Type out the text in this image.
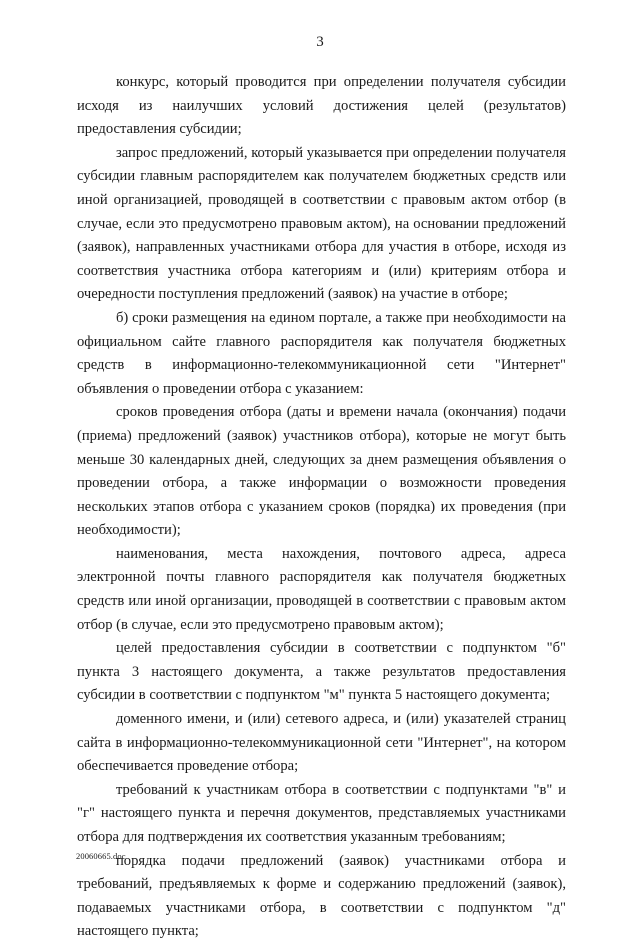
3

конкурс, который проводится при определении получателя субсидии исходя из наилучших условий достижения целей (результатов) предоставления субсидии;

запрос предложений, который указывается при определении получателя субсидии главным распорядителем как получателем бюджетных средств или иной организацией, проводящей в соответствии с правовым актом отбор (в случае, если это предусмотрено правовым актом), на основании предложений (заявок), направленных участниками отбора для участия в отборе, исходя из соответствия участника отбора категориям и (или) критериям отбора и очередности поступления предложений (заявок) на участие в отборе;

б) сроки размещения на едином портале, а также при необходимости на официальном сайте главного распорядителя как получателя бюджетных средств в информационно-телекоммуникационной сети "Интернет" объявления о проведении отбора с указанием:

сроков проведения отбора (даты и времени начала (окончания) подачи (приема) предложений (заявок) участников отбора), которые не могут быть меньше 30 календарных дней, следующих за днем размещения объявления о проведении отбора, а также информации о возможности проведения нескольких этапов отбора с указанием сроков (порядка) их проведения (при необходимости);

наименования, места нахождения, почтового адреса, адреса электронной почты главного распорядителя как получателя бюджетных средств или иной организации, проводящей в соответствии с правовым актом отбор (в случае, если это предусмотрено правовым актом);

целей предоставления субсидии в соответствии с подпунктом "б" пункта 3 настоящего документа, а также результатов предоставления субсидии в соответствии с подпунктом "м" пункта 5 настоящего документа;

доменного имени, и (или) сетевого адреса, и (или) указателей страниц сайта в информационно-телекоммуникационной сети "Интернет", на котором обеспечивается проведение отбора;

требований к участникам отбора в соответствии с подпунктами "в" и "г" настоящего пункта и перечня документов, представляемых участниками отбора для подтверждения их соответствия указанным требованиям;

порядка подачи предложений (заявок) участниками отбора и требований, предъявляемых к форме и содержанию предложений (заявок), подаваемых участниками отбора, в соответствии с подпунктом "д" настоящего пункта;

20060665.doc
